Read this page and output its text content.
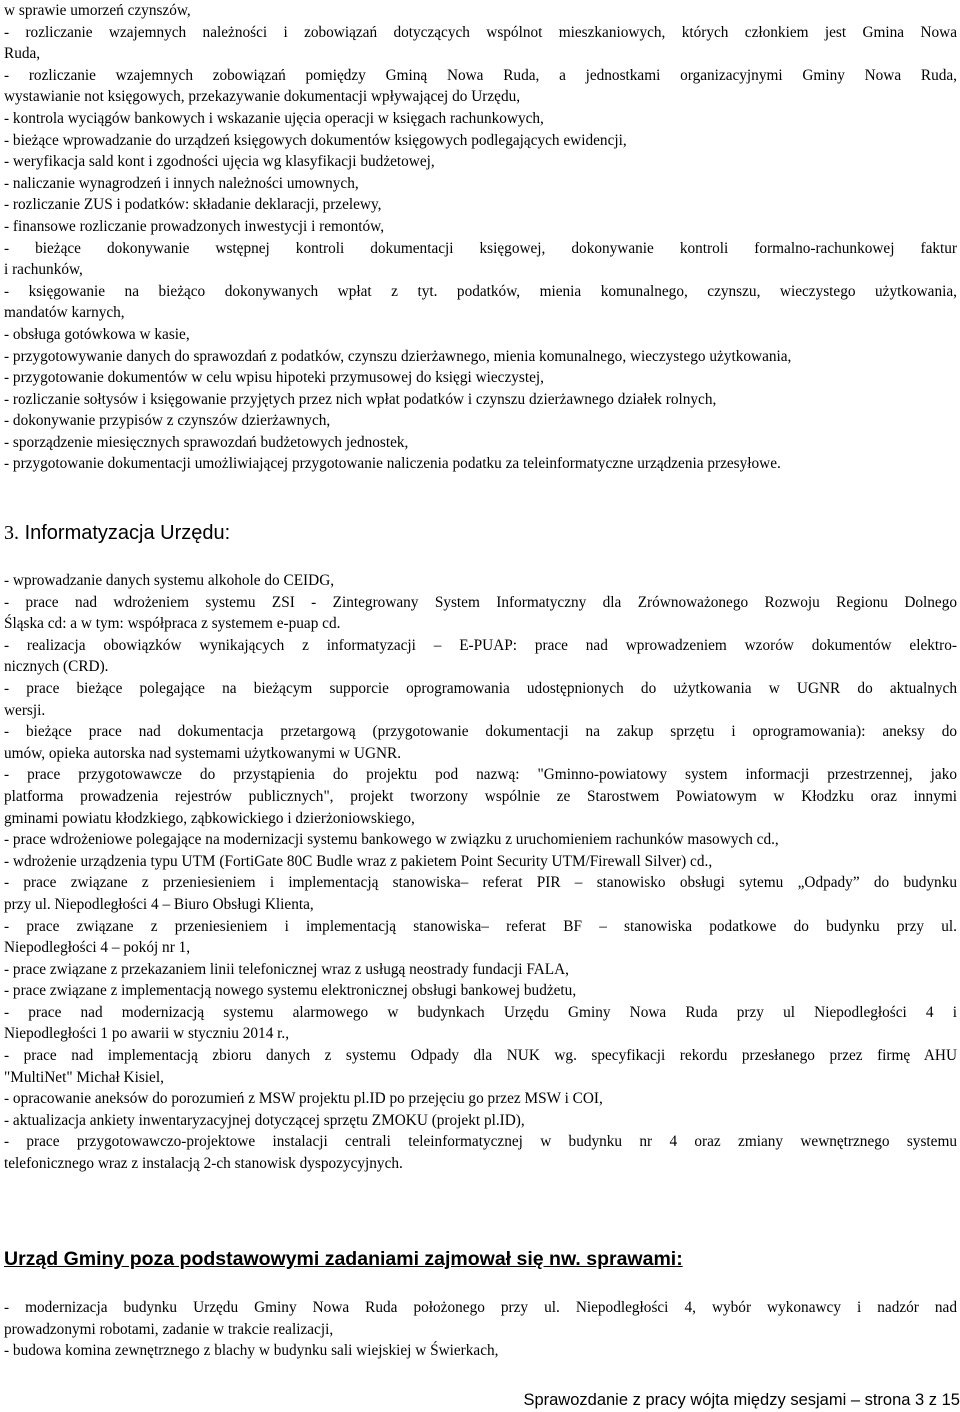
w sprawie umorzeń czynszów,
- rozliczanie wzajemnych należności i zobowiązań dotyczących wspólnot mieszkaniowych, których członkiem jest Gmina Nowa
Ruda,
- rozliczanie wzajemnych zobowiązań pomiędzy Gminą Nowa Ruda, a jednostkami organizacyjnymi Gminy Nowa Ruda,
wystawianie not księgowych, przekazywanie dokumentacji wpływającej do Urzędu,
- kontrola wyciągów bankowych i wskazanie ujęcia operacji w księgach rachunkowych,
- bieżące wprowadzanie do urządzeń księgowych dokumentów księgowych podlegających ewidencji,
- weryfikacja sald kont i zgodności ujęcia wg klasyfikacji budżetowej,
- naliczanie wynagrodzeń i innych należności umownych,
- rozliczanie ZUS i podatków: składanie deklaracji, przelewy,
- finansowe rozliczanie prowadzonych inwestycji i remontów,
- bieżące dokonywanie wstępnej kontroli dokumentacji księgowej, dokonywanie kontroli formalno-rachunkowej faktur
i rachunków,
- księgowanie na bieżąco dokonywanych wpłat z tyt. podatków, mienia komunalnego, czynszu, wieczystego użytkowania,
mandatów karnych,
- obsługa gotówkowa w kasie,
- przygotowywanie danych do sprawozdań z podatków, czynszu dzierżawnego, mienia komunalnego, wieczystego użytkowania,
- przygotowanie dokumentów w celu wpisu hipoteki przymusowej do księgi wieczystej,
- rozliczanie sołtysów i księgowanie przyjętych przez nich wpłat podatków i czynszu dzierżawnego działek rolnych,
- dokonywanie przypisów z czynszów dzierżawnych,
- sporządzenie miesięcznych sprawozdań budżetowych jednostek,
- przygotowanie dokumentacji umożliwiającej przygotowanie naliczenia podatku za teleinformatyczne urządzenia przesyłowe.
3. Informatyzacja Urzędu:
- wprowadzanie danych systemu alkohole do CEIDG,
- prace nad wdrożeniem systemu ZSI - Zintegrowany System Informatyczny dla Zrównoważonego Rozwoju Regionu Dolnego
Śląska cd: a w tym: współpraca z systemem e-puap cd.
- realizacja obowiązków wynikających z informatyzacji – E-PUAP: prace nad wprowadzeniem wzorów dokumentów elektro-
nicznych (CRD).
- prace bieżące polegające na bieżącym supporcie oprogramowania udostępnionych do użytkowania w UGNR do aktualnych
wersji.
- bieżące prace nad dokumentacja przetargową (przygotowanie dokumentacji na zakup sprzętu i oprogramowania): aneksy do
umów, opieka autorska nad systemami użytkowanymi w UGNR.
- prace przygotowawcze do przystąpienia do projektu pod nazwą: "Gminno-powiatowy system informacji przestrzennej, jako
platforma prowadzenia rejestrów publicznych", projekt tworzony wspólnie ze Starostwem Powiatowym w Kłodzku oraz innymi
gminami powiatu kłodzkiego, ząbkowickiego i dzierżoniowskiego,
- prace wdrożeniowe polegające na modernizacji systemu bankowego w związku z uruchomieniem rachunków masowych cd.,
- wdrożenie urządzenia typu UTM (FortiGate 80C Budle wraz z pakietem Point Security UTM/Firewall Silver) cd.,
- prace związane z przeniesieniem i implementacją stanowiska– referat PIR – stanowisko obsługi sytemu „Odpady” do budynku
przy ul. Niepodległości 4 – Biuro Obsługi Klienta,
- prace związane z przeniesieniem i implementacją stanowiska– referat BF – stanowiska podatkowe do budynku przy ul.
Niepodległości 4 – pokój nr 1,
- prace związane z przekazaniem linii telefonicznej wraz z usługą neostrady fundacji FALA,
- prace związane z implementacją nowego systemu elektronicznej obsługi bankowej budżetu,
- prace nad modernizacją systemu alarmowego w budynkach Urzędu Gminy Nowa Ruda przy ul Niepodległości 4 i
Niepodległości 1 po awarii w styczniu 2014 r.,
- prace nad implementacją zbioru danych z systemu Odpady dla NUK wg. specyfikacji rekordu przesłanego przez firmę AHU
"MultiNet" Michał Kisiel,
- opracowanie aneksów do porozumień z MSW projektu pl.ID po przejęciu go przez MSW i COI,
- aktualizacja ankiety inwentaryzacyjnej dotyczącej sprzętu ZMOKU (projekt pl.ID),
- prace przygotowawczo-projektowe instalacji centrali teleinformatycznej w budynku nr 4 oraz zmiany wewnętrznego systemu
telefonicznego wraz z instalacją 2-ch stanowisk dyspozycyjnych.
Urząd Gminy poza podstawowymi zadaniami zajmował się nw. sprawami:
- modernizacja budynku Urzędu Gminy Nowa Ruda położonego przy ul. Niepodległości 4, wybór wykonawcy i nadzór nad
prowadzonymi robotami, zadanie w trakcie realizacji,
- budowa komina zewnętrznego z blachy w budynku sali wiejskiej w Świerkach,
Sprawozdanie z pracy wójta między sesjami – strona 3 z 15
